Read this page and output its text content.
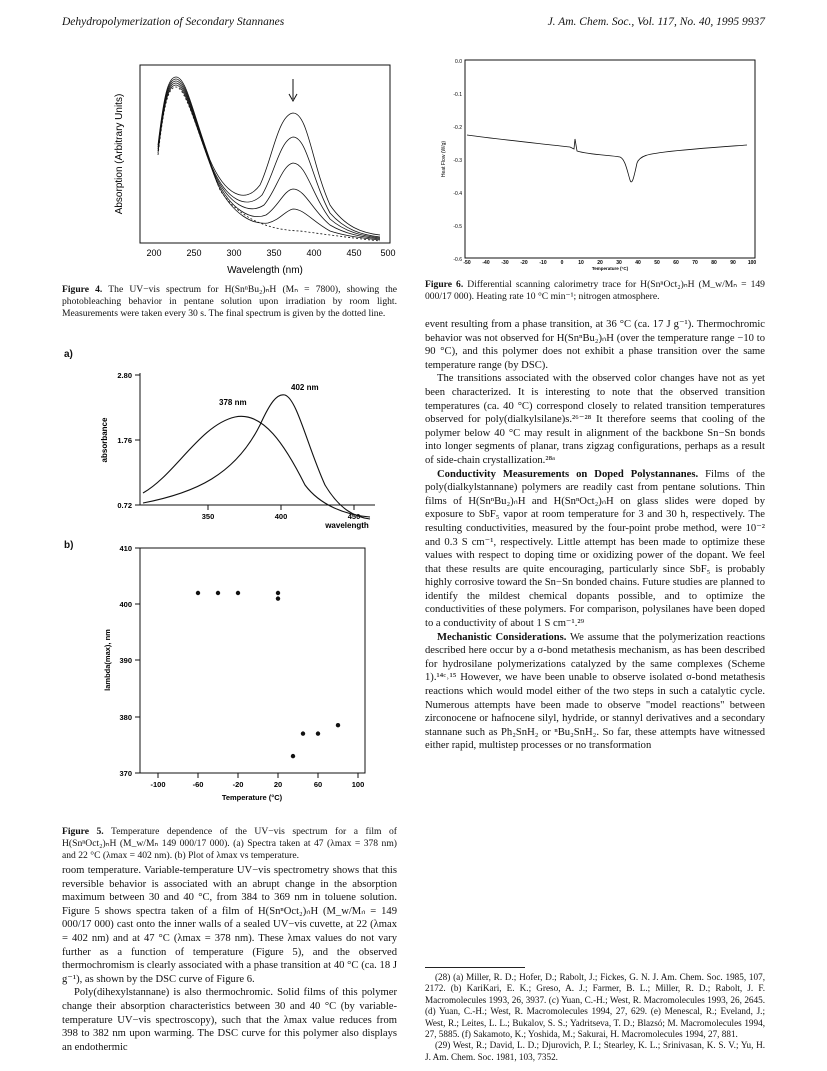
Dehydropolymerization of Secondary Stannanes	J. Am. Chem. Soc., Vol. 117, No. 40, 1995 9937
Absorption (Arbitrary Units)
Wavelength (nm)
200	250	300	350	400	450 500
Figure 4. The UV−vis spectrum for H(SnⁿBu₂)ₙH (Mₙ = 7800), showing the photobleaching behavior in pentane solution upon irradiation by room light. Measurements were taken every 30 s. The final spectrum is given by the dotted line.
a)
2.80
1.76
0.72
350	400	450
absorbance
wavelength
378 nm
402 nm
b)	410
400
390
380
370
-100	-60	-20	20	60	100
lambda(max), nm
Temperature (°C)
Figure 5. Temperature dependence of the UV−vis spectrum for a film of H(SnⁿOct₂)ₙH (M_w/Mₙ 149 000/17 000). (a) Spectra taken at 47 (λmax = 378 nm) and 22 °C (λmax = 402 nm). (b) Plot of λmax vs temperature.

room temperature. Variable-temperature UV−vis spectrometry shows that this reversible behavior is associated with an abrupt change in the absorption maximum between 30 and 40 °C, from 384 to 369 nm in toluene solution. Figure 5 shows spectra taken of a film of H(SnⁿOct₂)ₙH (M_w/Mₙ = 149 000/17 000) cast onto the inner walls of a sealed UV−vis cuvette, at 22 (λmax = 402 nm) and at 47 °C (λmax = 378 nm). These λmax values do not vary further as a function of temperature (Figure 5), and the observed thermochromism is clearly associated with a phase transition at 40 °C (ca. 18 J g⁻¹), as shown by the DSC curve of Figure 6.

Poly(dihexylstannane) is also thermochromic. Solid films of this polymer change their absorption characteristics between 30 and 40 °C (by variable-temperature UV−vis spectroscopy), such that the λmax value reduces from 398 to 382 nm upon warming. The DSC curve for this polymer also displays an endothermic

0.0
-0.1
-0.2
-0.3
-0.4
-0.5
-0.6 -50 -40 -30 -20 -10	0	10	20	30	40	50	60	70	80	90 100
Heat Flow (W/g)
Temperature (°C)
Figure 6. Differential scanning calorimetry trace for H(SnⁿOct₂)ₙH (M_w/Mₙ = 149 000/17 000). Heating rate 10 °C min⁻¹; nitrogen atmosphere.

event resulting from a phase transition, at 36 °C (ca. 17 J g⁻¹). Thermochromic behavior was not observed for H(SnⁿBu₂)ₙH (over the temperature range −10 to 90 °C), and this polymer does not exhibit a phase transition over the same temperature range (by DSC).

The transitions associated with the observed color changes have not as yet been characterized. It is interesting to note that the observed transition temperatures (ca. 40 °C) correspond closely to related transition temperatures observed for poly(dialkylsilane)s.²⁶⁻²⁸ It therefore seems that cooling of the polymer below 40 °C may result in alignment of the backbone Sn−Sn bonds into longer segments of planar, trans zigzag configurations, perhaps as a result of side-chain crystallization.²⁸ᵃ

Conductivity Measurements on Doped Polystannanes. Films of the poly(dialkylstannane) polymers are readily cast from pentane solutions. Thin films of H(SnⁿBu₂)ₙH and H(SnⁿOct₂)ₙH on glass slides were doped by exposure to SbF₅ vapor at room temperature for 3 and 30 h, respectively. The resulting conductivities, measured by the four-point probe method, were 10⁻² and 0.3 S cm⁻¹, respectively. Little attempt has been made to optimize these values with respect to doping time or oxidizing power of the dopant. We feel that these results are quite encouraging, particularly since SbF₅ is probably highly corrosive toward the Sn−Sn bonded chains. Future studies are planned to identify the mildest chemical dopants possible, and to optimize the conductivities of these polymers. For comparison, polysilanes have been doped to a conductivity of about 1 S cm⁻¹.²⁹

Mechanistic Considerations. We assume that the polymerization reactions described here occur by a σ-bond metathesis mechanism, as has been described for hydrosilane polymerizations catalyzed by the same complexes (Scheme 1).¹⁴ᶜ˒¹⁵ However, we have been unable to observe isolated σ-bond metathesis reactions which would model either of the two steps in such a catalytic cycle. Numerous attempts have been made to observe "model reactions" between zirconocene or hafnocene silyl, hydride, or stannyl derivatives and a secondary stannane such as Ph₂SnH₂ or ⁿBu₂SnH₂. So far, these attempts have witnessed either rapid, multistep processes or no transformation

(28) (a) Miller, R. D.; Hofer, D.; Rabolt, J.; Fickes, G. N. J. Am. Chem. Soc. 1985, 107, 2172. (b) KariKari, E. K.; Greso, A. J.; Farmer, B. L.; Miller, R. D.; Rabolt, J. F. Macromolecules 1993, 26, 3937. (c) Yuan, C.-H.; West, R. Macromolecules 1993, 26, 2645. (d) Yuan, C.-H.; West, R. Macromolecules 1994, 27, 629. (e) Menescal, R.; Eveland, J.; West, R.; Leites, L. L.; Bukalov, S. S.; Yadritseva, T. D.; Blazsó; M. Macromolecules 1994, 27, 5885. (f) Sakamoto, K.; Yoshida, M.; Sakurai, H. Macromolecules 1994, 27, 881.

(29) West, R.; David, L. D.; Djurovich, P. I.; Stearley, K. L.; Srinivasan, K. S. V.; Yu, H. J. Am. Chem. Soc. 1981, 103, 7352.
